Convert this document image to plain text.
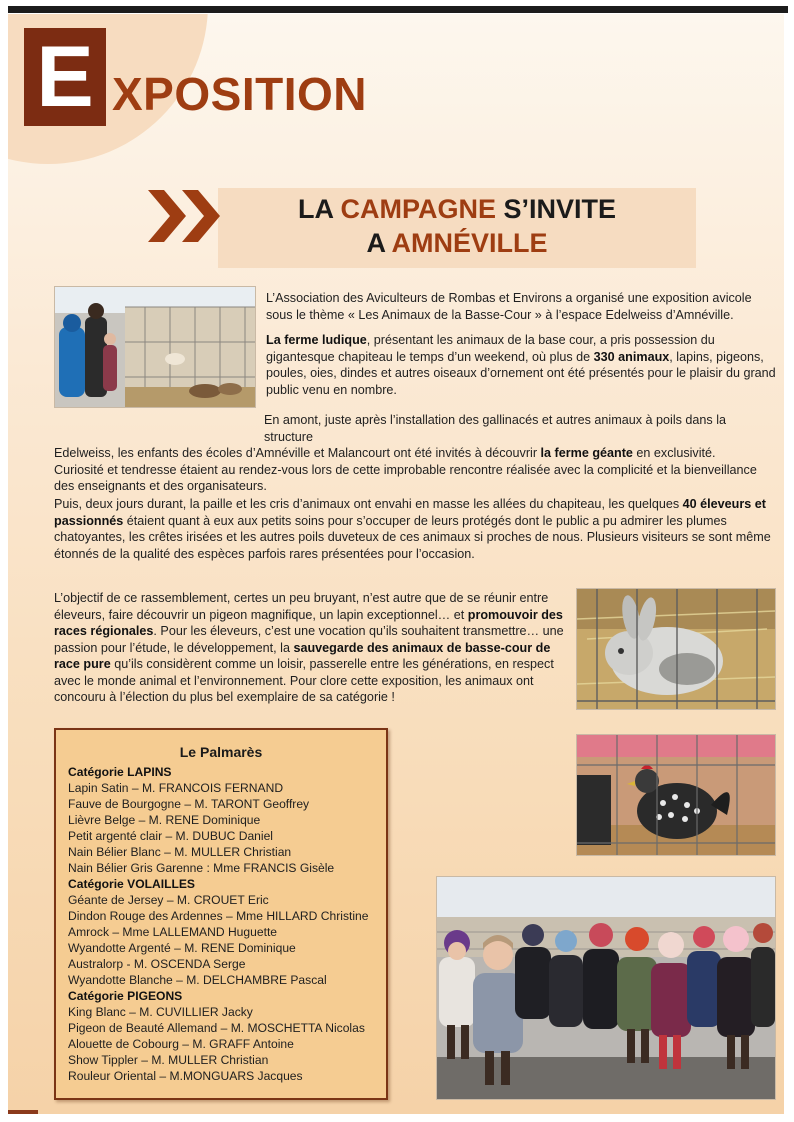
E XPOSITION
LA CAMPAGNE S’INVITE
A AMNÉVILLE

L’Association des Aviculteurs de Rombas et Environs a organisé une exposition avicole sous le thème « Les Animaux de la Basse-Cour » à l’espace Edelweiss d’Amnéville.

La ferme ludique, présentant les animaux de la base cour, a pris possession du gigantesque chapiteau le temps d’un weekend, où plus de 330 animaux, lapins, pigeons, poules, oies, dindes et autres oiseaux d’ornement ont été présentés pour le plaisir du grand public venu en nombre.

En amont, juste après l’installation des gallinacés et autres animaux à poils dans la structure
Edelweiss, les enfants des écoles d’Amnéville et Malancourt ont été invités à découvrir la ferme géante en exclusivité.
Curiosité et tendresse étaient au rendez-vous lors de cette improbable rencontre réalisée avec la complicité et la bienveillance des enseignants et des organisateurs.

Puis, deux jours durant, la paille et les cris d’animaux ont envahi en masse les allées du chapiteau, les quelques 40 éleveurs et passionnés étaient quant à eux aux petits soins pour s’occuper de leurs protégés dont le public a pu admirer les plumes chatoyantes, les crêtes irisées et les autres poils duveteux de ces animaux si proches de nous. Plusieurs visiteurs se sont même étonnés de la qualité des espèces parfois rares présentées pour l’occasion.

L’objectif de ce rassemblement, certes un peu bruyant, n’est autre que de se réunir entre éleveurs, faire découvrir un pigeon magnifique, un lapin exceptionnel… et promouvoir des races régionales. Pour les éleveurs, c’est une vocation qu’ils souhaitent transmettre… une passion pour l’étude, le développement, la sauvegarde des animaux de basse-cour de race pure qu’ils considèrent comme un loisir, passerelle entre les générations, en respect avec le monde animal et l’environnement. Pour clore cette exposition, les animaux ont concouru à l’élection du plus bel exemplaire de sa catégorie !

Le Palmarès
Catégorie LAPINS
Lapin Satin – M. FRANCOIS FERNAND
Fauve de Bourgogne – M. TARONT Geoffrey
Lièvre Belge – M. RENE Dominique
Petit argenté clair – M. DUBUC Daniel
Nain Bélier Blanc – M. MULLER Christian
Nain Bélier Gris Garenne : Mme FRANCIS Gisèle
Catégorie VOLAILLES
Géante de Jersey – M. CROUET Eric
Dindon Rouge des Ardennes – Mme HILLARD Christine
Amrock – Mme LALLEMAND Huguette
Wyandotte Argenté – M. RENE Dominique
Australorp - M. OSCENDA Serge
Wyandotte Blanche – M. DELCHAMBRE Pascal
Catégorie PIGEONS
King Blanc – M. CUVILLIER Jacky
Pigeon de Beauté Allemand – M. MOSCHETTA Nicolas
Alouette de Cobourg – M. GRAFF Antoine
Show Tippler – M. MULLER Christian
Rouleur Oriental – M.MONGUARS Jacques
